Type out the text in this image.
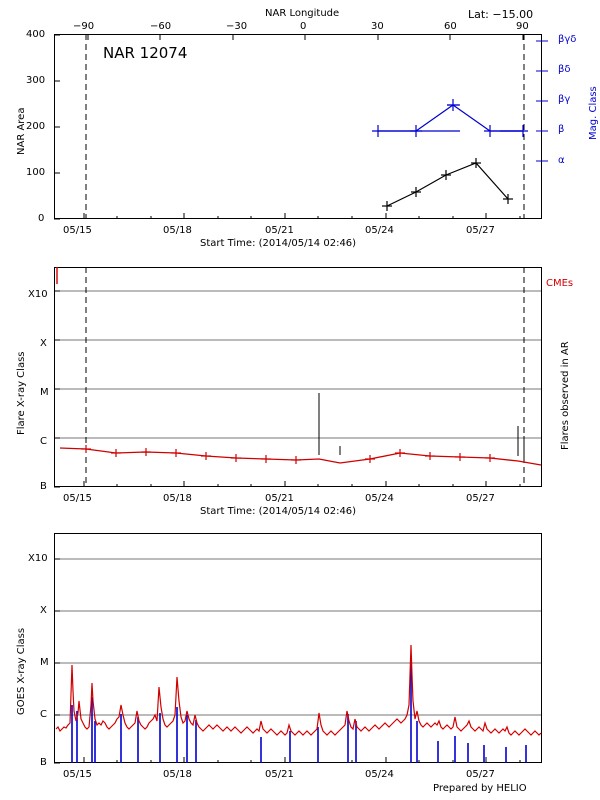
NAR Longitude	Lat: −15.00
−90	−60	−30	0	30	60	90
0
100
200
300
400
05/15	05/18	05/21	05/24	05/27
Start Time: (2014/05/14 02:46)
NAR Area
α
β
βγ
βδ
βγδ
Mag. Class
NAR 12074
B
C
M
X
X10
05/15	05/18	05/21	05/24	05/27
Start Time: (2014/05/14 02:46)
Flare X-ray Class
CMEs
Flares observed in AR
B
C
M
X
X10
05/15	05/18	05/21	05/24	05/27
GOES X-ray Class
Prepared by HELIO
